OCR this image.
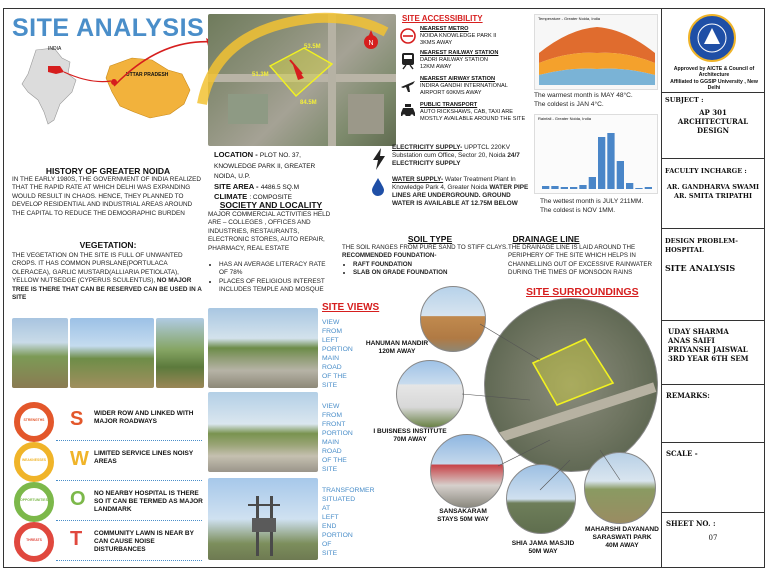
SITE ANALYSIS
INDIA
UTTAR PRADESH
53.5M
51.3M
84.5M
N
HISTORY OF GREATER NOIDA
IN THE EARLY 1980S, THE GOVERNMENT OF INDIA REALIZED THAT THE RAPID RATE AT WHICH DELHI WAS EXPANDING WOULD RESULT IN CHAOS. HENCE, THEY PLANNED TO DEVELOP RESIDENTIAL AND INDUSTRIAL AREAS AROUND THE CAPITAL TO REDUCE THE DEMOGRAPHIC BURDEN
VEGETATION:
THE VEGETATION ON THE SITE IS FULL OF UNWANTED CROPS. IT HAS COMMON PURSLANE(PORTULACA OLERACEA), GARLIC MUSTARD(ALLIARIA PETIOLATA), YELLOW NUTSEDGE (CYPERUS SCULENTUS), NO MAJOR TREE IS THERE THAT CAN BE RESERVED CAN BE USED IN A SITE
STRENGTHS S WIDER ROW AND LINKED WITH MAJOR ROADWAYS
WEAKNESSES W LIMITED SERVICE LINES NOISY AREAS
OPPORTUNITIES O NO NEARBY HOSPITAL IS THERE SO IT CAN BE TERMED AS MAJOR LANDMARK
THREATS	T COMMUNITY LAWN IS NEAR BY CAN CAUSE NOISE DISTURBANCES
LOCATION - PLOT NO. 37, KNOWLEDGE PARK II, GREATER NOIDA, U.P.
SITE AREA - 4486.5 SQ.M
CLIMATE : COMPOSITE
SOCIETY AND LOCALITY
MAJOR COMMERCIAL ACTIVITIES HELD ARE – COLLEGES , OFFICES AND INDUSTRIES, RESTAURANTS, ELECTRONIC STORES, AUTO REPAIR, PHARMACY, REAL ESTATE
• HAS AN AVERAGE LITERACY RATE OF 78%
• PLACES OF RELIGIOUS INTEREST INCLUDES TEMPLE AND MOSQUE
SITE VIEWS
VIEW FROM LEFT PORTION MAIN ROAD OF THE SITE
VIEW FROM FRONT PORTION MAIN ROAD OF THE SITE
TRANSFORMER SITUATED AT LEFT END PORTION OF SITE
SITE ACCESSIBILITY
NEAREST METRO
NOIDA KNOWLEDGE PARK II
3KMS AWAY
NEAREST RAILWAY STATION
DADRI RAILWAY STATION
12KM AWAY
NEAREST AIRWAY STATION
INDIRA GANDHI INTERNATIONAL
AIRPORT 60KMS AWAY
PUBLIC TRANSPORT
AUTO RICKSHAWS, CAB, TAXI ARE
MOSTLY AVAILABLE AROUND THE SITE
ELECTRICITY SUPPLY- UPPTCL 220KV Substation cum Office, Sector 20, Noida 24/7 ELECTRICITY SUPPLY
WATER SUPPLY- Water Treatment Plant In Knowledge Park 4, Greater Noida WATER PIPE LINES ARE UNDERGROUND. GROUND WATER IS AVAILABLE AT 12.75M BELOW
Temperature - Greater Noida, India
The warmest month is MAY 48°C.
The coldest is JAN 4°C.
Rainfall - Greater Noida, India
The wettest month is JULY 211MM.
The coldest is NOV 1MM.
SOIL TYPE
THE SOIL RANGES FROM PURE SAND TO STIFF CLAYS.
RECOMMENDED FOUNDATION-
• RAFT FOUNDATION
• SLAB ON GRADE FOUNDATION
DRAINAGE LINE
THE DRAINAGE LINE IS LAID AROUND THE PERIPHERY OF THE SITE WHICH HELPS IN CHANNELLING OUT OF EXCESSIVE RAINWATER DURING THE TIMES OF MONSOON RAINS
SITE SURROUNDINGS
HANUMAN MANDIR
120M AWAY
I BUISNESS INSTITUTE
70M AWAY
SANSAKARAM
STAYS 50M WAY
SHIA JAMA MASJID
50M WAY
MAHARSHI DAYANAND SARASWATI PARK
40M AWAY
Approved by AICTE & Council of Architecture
Affiliated to GGSIP University , New Delhi
SUBJECT :
AP 301 ARCHITECTURAL DESIGN
FACULTY INCHARGE :
AR. GANDHARVA SWAMI AR. SMITA TRIPATHI
DESIGN PROBLEM- HOSPITAL
SITE ANALYSIS
UDAY SHARMA
ANAS SAIFI
PRIYANSH JAISWAL
3RD YEAR 6TH SEM
REMARKS:
SCALE -
SHEET NO. :
07
